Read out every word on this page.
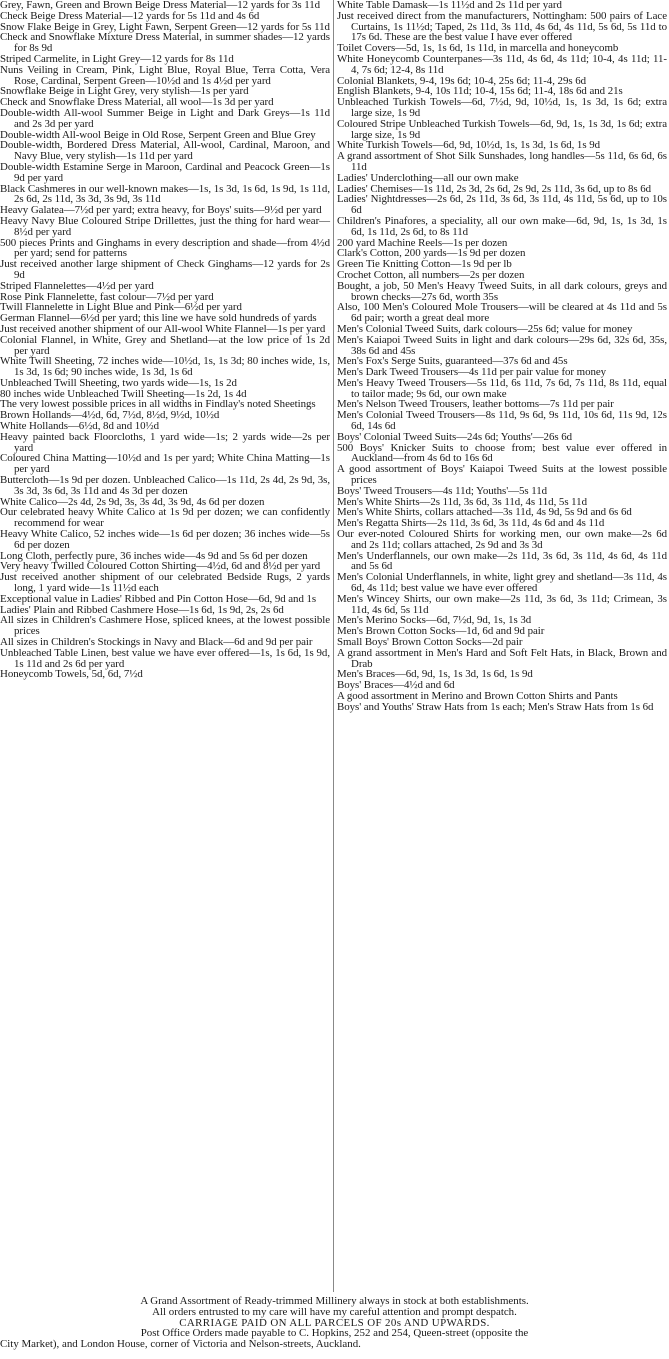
Grey, Fawn, Green and Brown Beige Dress Material—12 yards for 3s 11d

Check Beige Dress Material—12 yards for 5s 11d and 4s 6d

Snow Flake Beige in Grey, Light Fawn, Serpent Green—12 yards for 5s 11d

Check and Snowflake Mixture Dress Material, in summer shades—12 yards for 8s 9d

Striped Carmelite, in Light Grey—12 yards for 8s 11d

Nuns Veiling in Cream, Pink, Light Blue, Royal Blue, Terra Cotta, Vera Rose, Cardinal, Serpent Green—10½d and 1s 4½d per yard

Snowflake Beige in Light Grey, very stylish—1s per yard

Check and Snowflake Dress Material, all wool—1s 3d per yard

Double-width All-wool Summer Beige in Light and Dark Greys—1s 11d and 2s 3d per yard

Double-width All-wool Beige in Old Rose, Serpent Green and Blue Grey

Double-width, Bordered Dress Material, All-wool, Cardinal, Maroon, and Navy Blue, very stylish—1s 11d per yard

Double-width Estamine Serge in Maroon, Cardinal and Peacock Green—1s 9d per yard

Black Cashmeres in our well-known makes—1s, 1s 3d, 1s 6d, 1s 9d, 1s 11d, 2s 6d, 2s 11d, 3s 3d, 3s 9d, 3s 11d

Heavy Galatea—7½d per yard; extra heavy, for Boys' suits—9½d per yard

Heavy Navy Blue Coloured Stripe Drillettes, just the thing for hard wear—8½d per yard

500 pieces Prints and Ginghams in every description and shade—from 4½d per yard; send for patterns

Just received another large shipment of Check Ginghams—12 yards for 2s 9d

Striped Flannelettes—4½d per yard

Rose Pink Flannelette, fast colour—7½d per yard

Twill Flannelette in Light Blue and Pink—6½d per yard

German Flannel—6½d per yard; this line we have sold hundreds of yards

Just received another shipment of our All-wool White Flannel—1s per yard

Colonial Flannel, in White, Grey and Shetland—at the low price of 1s 2d per yard

White Twill Sheeting, 72 inches wide—10½d, 1s, 1s 3d; 80 inches wide, 1s, 1s 3d, 1s 6d; 90 inches wide, 1s 3d, 1s 6d

Unbleached Twill Sheeting, two yards wide—1s, 1s 2d

80 inches wide Unbleached Twill Sheeting—1s 2d, 1s 4d

The very lowest possible prices in all widths in Findlay's noted Sheetings

Brown Hollands—4½d, 6d, 7½d, 8½d, 9½d, 10½d

White Hollands—6½d, 8d and 10½d

Heavy painted back Floorcloths, 1 yard wide—1s; 2 yards wide—2s per yard

Coloured China Matting—10½d and 1s per yard; White China Matting—1s per yard

Buttercloth—1s 9d per dozen. Unbleached Calico—1s 11d, 2s 4d, 2s 9d, 3s, 3s 3d, 3s 6d, 3s 11d and 4s 3d per dozen

White Calico—2s 4d, 2s 9d, 3s, 3s 4d, 3s 9d, 4s 6d per dozen

Our celebrated heavy White Calico at 1s 9d per dozen; we can confidently recommend for wear

Heavy White Calico, 52 inches wide—1s 6d per dozen; 36 inches wide—5s 6d per dozen

Long Cloth, perfectly pure, 36 inches wide—4s 9d and 5s 6d per dozen

Very heavy Twilled Coloured Cotton Shirting—4½d, 6d and 8½d per yard

Just received another shipment of our celebrated Bedside Rugs, 2 yards long, 1 yard wide—1s 11½d each

Exceptional value in Ladies' Ribbed and Pin Cotton Hose—6d, 9d and 1s

Ladies' Plain and Ribbed Cashmere Hose—1s 6d, 1s 9d, 2s, 2s 6d

All sizes in Children's Cashmere Hose, spliced knees, at the lowest possible prices

All sizes in Children's Stockings in Navy and Black—6d and 9d per pair

Unbleached Table Linen, best value we have ever offered—1s, 1s 6d, 1s 9d, 1s 11d and 2s 6d per yard

Honeycomb Towels, 5d, 6d, 7½d

White Table Damask—1s 11½d and 2s 11d per yard

Just received direct from the manufacturers, Nottingham: 500 pairs of Lace Curtains, 1s 11½d; Taped, 2s 11d, 3s 11d, 4s 6d, 4s 11d, 5s 6d, 5s 11d to 17s 6d. These are the best value I have ever offered

Toilet Covers—5d, 1s, 1s 6d, 1s 11d, in marcella and honeycomb

White Honeycomb Counterpanes—3s 11d, 4s 6d, 4s 11d; 10-4, 4s 11d; 11-4, 7s 6d; 12-4, 8s 11d

Colonial Blankets, 9-4, 19s 6d; 10-4, 25s 6d; 11-4, 29s 6d

English Blankets, 9-4, 10s 11d; 10-4, 15s 6d; 11-4, 18s 6d and 21s

Unbleached Turkish Towels—6d, 7½d, 9d, 10½d, 1s, 1s 3d, 1s 6d; extra large size, 1s 9d

Coloured Stripe Unbleached Turkish Towels—6d, 9d, 1s, 1s 3d, 1s 6d; extra large size, 1s 9d

White Turkish Towels—6d, 9d, 10½d, 1s, 1s 3d, 1s 6d, 1s 9d

A grand assortment of Shot Silk Sunshades, long handles—5s 11d, 6s 6d, 6s 11d

Ladies' Underclothing—all our own make

Ladies' Chemises—1s 11d, 2s 3d, 2s 6d, 2s 9d, 2s 11d, 3s 6d, up to 8s 6d

Ladies' Nightdresses—2s 6d, 2s 11d, 3s 6d, 3s 11d, 4s 11d, 5s 6d, up to 10s 6d

Children's Pinafores, a speciality, all our own make—6d, 9d, 1s, 1s 3d, 1s 6d, 1s 11d, 2s 6d, to 8s 11d

200 yard Machine Reels—1s per dozen

Clark's Cotton, 200 yards—1s 9d per dozen

Green Tie Knitting Cotton—1s 9d per lb

Crochet Cotton, all numbers—2s per dozen

Bought, a job, 50 Men's Heavy Tweed Suits, in all dark colours, greys and brown checks—27s 6d, worth 35s

Also, 100 Men's Coloured Mole Trousers—will be cleared at 4s 11d and 5s 6d pair; worth a great deal more

Men's Colonial Tweed Suits, dark colours—25s 6d; value for money

Men's Kaiapoi Tweed Suits in light and dark colours—29s 6d, 32s 6d, 35s, 38s 6d and 45s

Men's Fox's Serge Suits, guaranteed—37s 6d and 45s

Men's Dark Tweed Trousers—4s 11d per pair value for money

Men's Heavy Tweed Trousers—5s 11d, 6s 11d, 7s 6d, 7s 11d, 8s 11d, equal to tailor made; 9s 6d, our own make

Men's Nelson Tweed Trousers, leather bottoms—7s 11d per pair

Men's Colonial Tweed Trousers—8s 11d, 9s 6d, 9s 11d, 10s 6d, 11s 9d, 12s 6d, 14s 6d

Boys' Colonial Tweed Suits—24s 6d; Youths'—26s 6d

500 Boys' Knicker Suits to choose from; best value ever offered in Auckland—from 4s 6d to 16s 6d

A good assortment of Boys' Kaiapoi Tweed Suits at the lowest possible prices

Boys' Tweed Trousers—4s 11d; Youths'—5s 11d

Men's White Shirts—2s 11d, 3s 6d, 3s 11d, 4s 11d, 5s 11d

Men's White Shirts, collars attached—3s 11d, 4s 9d, 5s 9d and 6s 6d

Men's Regatta Shirts—2s 11d, 3s 6d, 3s 11d, 4s 6d and 4s 11d

Our ever-noted Coloured Shirts for working men, our own make—2s 6d and 2s 11d; collars attached, 2s 9d and 3s 3d

Men's Underflannels, our own make—2s 11d, 3s 6d, 3s 11d, 4s 6d, 4s 11d and 5s 6d

Men's Colonial Underflannels, in white, light grey and shetland—3s 11d, 4s 6d, 4s 11d; best value we have ever offered

Men's Wincey Shirts, our own make—2s 11d, 3s 6d, 3s 11d; Crimean, 3s 11d, 4s 6d, 5s 11d

Men's Merino Socks—6d, 7½d, 9d, 1s, 1s 3d

Men's Brown Cotton Socks—1d, 6d and 9d pair

Small Boys' Brown Cotton Socks—2d pair

A grand assortment in Men's Hard and Soft Felt Hats, in Black, Brown and Drab

Men's Braces—6d, 9d, 1s, 1s 3d, 1s 6d, 1s 9d

Boys' Braces—4½d and 6d

A good assortment in Merino and Brown Cotton Shirts and Pants

Boys' and Youths' Straw Hats from 1s each; Men's Straw Hats from 1s 6d

A Grand Assortment of Ready-trimmed Millinery always in stock at both establishments.

All orders entrusted to my care will have my careful attention and prompt despatch.

CARRIAGE PAID ON ALL PARCELS OF 20s AND UPWARDS.

Post Office Orders made payable to C. Hopkins, 252 and 254, Queen-street (opposite the

City Market), and London House, corner of Victoria and Nelson-streets, Auckland.
